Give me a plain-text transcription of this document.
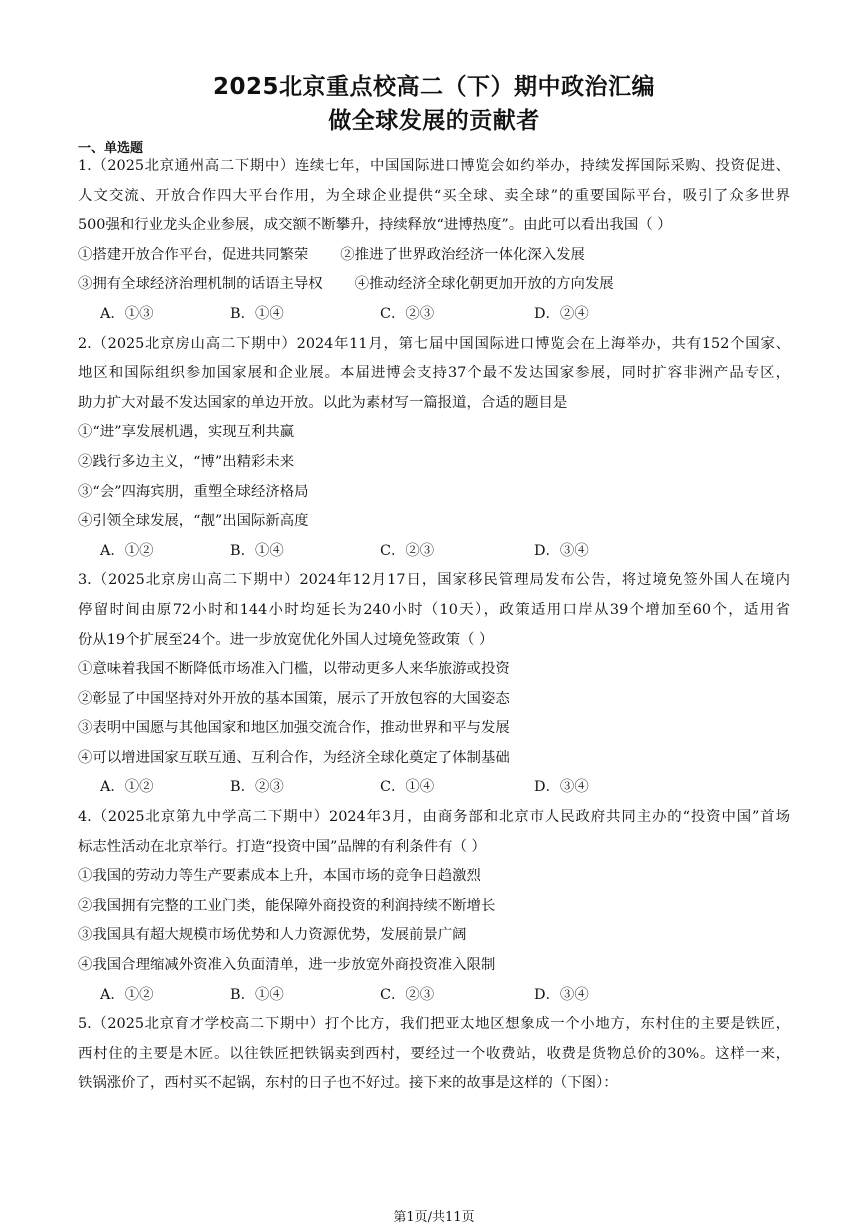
2025北京重点校高二（下）期中政治汇编
做全球发展的贡献者
一、单选题
1.（2025北京通州高二下期中）连续七年，中国国际进口博览会如约举办，持续发挥国际采购、投资促进、
人文交流、开放合作四大平台作用，为全球企业提供“买全球、卖全球”的重要国际平台，吸引了众多世界
500强和行业龙头企业参展，成交额不断攀升，持续释放“进博热度”。由此可以看出我国（ ）
①搭建开放合作平台，促进共同繁荣 ②推进了世界政治经济一体化深入发展
③拥有全球经济治理机制的话语主导权 ④推动经济全球化朝更加开放的方向发展
A．①③	B．①④	C．②③	D．②④
2.（2025北京房山高二下期中）2024年11月，第七届中国国际进口博览会在上海举办，共有152个国家、
地区和国际组织参加国家展和企业展。本届进博会支持37个最不发达国家参展，同时扩容非洲产品专区，
助力扩大对最不发达国家的单边开放。以此为素材写一篇报道，合适的题目是
①“进”享发展机遇，实现互利共赢
②践行多边主义，“博”出精彩未来
③“会”四海宾朋，重塑全球经济格局
④引领全球发展，“靓”出国际新高度
A．①②	B．①④	C．②③	D．③④
3.（2025北京房山高二下期中）2024年12月17日，国家移民管理局发布公告，将过境免签外国人在境内
停留时间由原72小时和144小时均延长为240小时（10天），政策适用口岸从39个增加至60个，适用省
份从19个扩展至24个。进一步放宽优化外国人过境免签政策（ ）
①意味着我国不断降低市场准入门槛，以带动更多人来华旅游或投资
②彰显了中国坚持对外开放的基本国策，展示了开放包容的大国姿态
③表明中国愿与其他国家和地区加强交流合作，推动世界和平与发展
④可以增进国家互联互通、互利合作，为经济全球化奠定了体制基础
A．①②	B．②③	C．①④	D．③④
4.（2025北京第九中学高二下期中）2024年3月，由商务部和北京市人民政府共同主办的“投资中国”首场
标志性活动在北京举行。打造“投资中国”品牌的有利条件有（ ）
①我国的劳动力等生产要素成本上升，本国市场的竞争日趋激烈
②我国拥有完整的工业门类，能保障外商投资的利润持续不断增长
③我国具有超大规模市场优势和人力资源优势，发展前景广阔
④我国合理缩减外资准入负面清单，进一步放宽外商投资准入限制
A．①②	B．①④	C．②③	D．③④
5.（2025北京育才学校高二下期中）打个比方，我们把亚太地区想象成一个小地方，东村住的主要是铁匠，
西村住的主要是木匠。以往铁匠把铁锅卖到西村，要经过一个收费站，收费是货物总价的30%。这样一来，
铁锅涨价了，西村买不起锅，东村的日子也不好过。接下来的故事是这样的（下图）：
第1页/共11页
